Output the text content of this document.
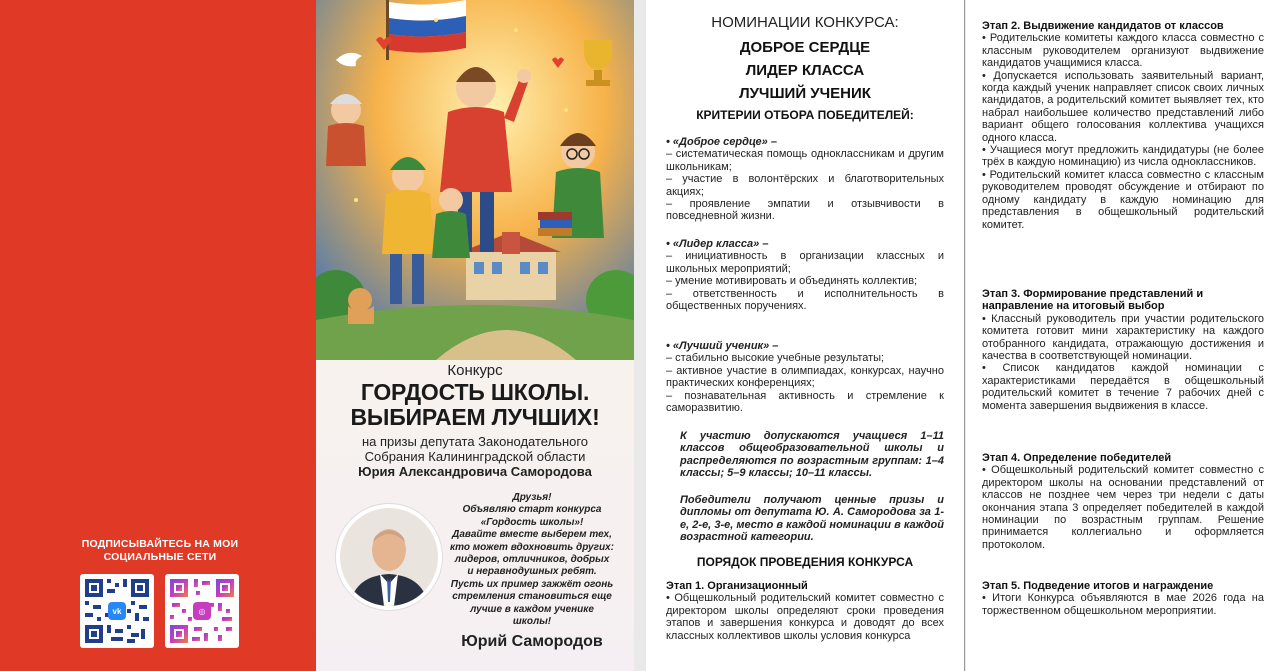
ПОДПИСЫВАЙТЕСЬ НА МОИ
СОЦИАЛЬНЫЕ СЕТИ
vk	◎
Конкурс
ГОРДОСТЬ ШКОЛЫ.
ВЫБИРАЕМ ЛУЧШИХ!
на призы депутата Законодательного
Собрания Калининградской области
Юрия Александровича Самородова
Друзья!
Объявляю старт конкурса
«Гордость школы»!
Давайте вместе выберем тех,
кто может вдохновить других:
лидеров, отличников, добрых
и неравнодушных ребят.
Пусть их пример зажжёт огонь
стремления становиться еще
лучше в каждом ученике
школы!
Юрий Самородов
НОМИНАЦИИ КОНКУРСА:
ДОБРОЕ СЕРДЦЕ
ЛИДЕР КЛАССА
ЛУЧШИЙ УЧЕНИК
КРИТЕРИИ ОТБОРА ПОБЕДИТЕЛЕЙ:
• «Доброе сердце» –
– систематическая помощь одноклассникам и другим школьникам;
– участие в волонтёрских и благотворительных акциях;
– проявление эмпатии и отзывчивости в повседневной жизни.
• «Лидер класса» –
– инициативность в организации классных и школьных мероприятий;
– умение мотивировать и объединять коллектив;
– ответственность и исполнительность в общественных поручениях.
• «Лучший ученик» –
– стабильно высокие учебные результаты;
– активное участие в олимпиадах, конкурсах, научно практических конференциях;
– познавательная активность и стремление к саморазвитию.
К участию допускаются учащиеся 1–11 классов общеобразовательной школы и распределяются по возрастным группам: 1–4 классы; 5–9 классы; 10–11 классы.
Победители получают ценные призы и дипломы от депутата Ю. А. Самородова за 1-е, 2-е, 3-е, место в каждой номинации в каждой возрастной категории.
ПОРЯДОК ПРОВЕДЕНИЯ КОНКУРСА
Этап 1. Организационный
• Общешкольный родительский комитет совместно с директором школы определяют сроки проведения этапов и завершения конкурса и доводят до всех классных коллективов школы условия конкурса
Этап 2. Выдвижение кандидатов от классов
• Родительские комитеты каждого класса совместно с классным руководителем организуют выдвижение кандидатов учащимися класса.
• Допускается использовать заявительный вариант, когда каждый ученик направляет список своих личных кандидатов, а родительский комитет выявляет тех, кто набрал наибольшее количество представлений либо вариант общего голосования коллектива учащихся одного класса.
• Учащиеся могут предложить кандидатуры (не более трёх в каждую номинацию) из числа одноклассников.
• Родительский комитет класса совместно с классным руководителем проводят обсуждение и отбирают по одному кандидату в каждую номинацию для представления в общешкольный родительский комитет.
Этап 3. Формирование представлений и направление на итоговый выбор
• Классный руководитель при участии родительского комитета готовит мини характеристику на каждого отобранного кандидата, отражающую достижения и качества в соответствующей номинации.
• Список кандидатов каждой номинации с характеристиками передаётся в общешкольный родительский комитет в течение 7 рабочих дней с момента завершения выдвижения в классе.
Этап 4. Определение победителей
• Общешкольный родительский комитет совместно с директором школы на основании представлений от классов не позднее чем через три недели с даты окончания этапа 3 определяет победителей в каждой номинации по возрастным группам. Решение принимается коллегиально и оформляется протоколом.
Этап 5. Подведение итогов и награждение
• Итоги Конкурса объявляются в мае 2026 года на торжественном общешкольном мероприятии.
